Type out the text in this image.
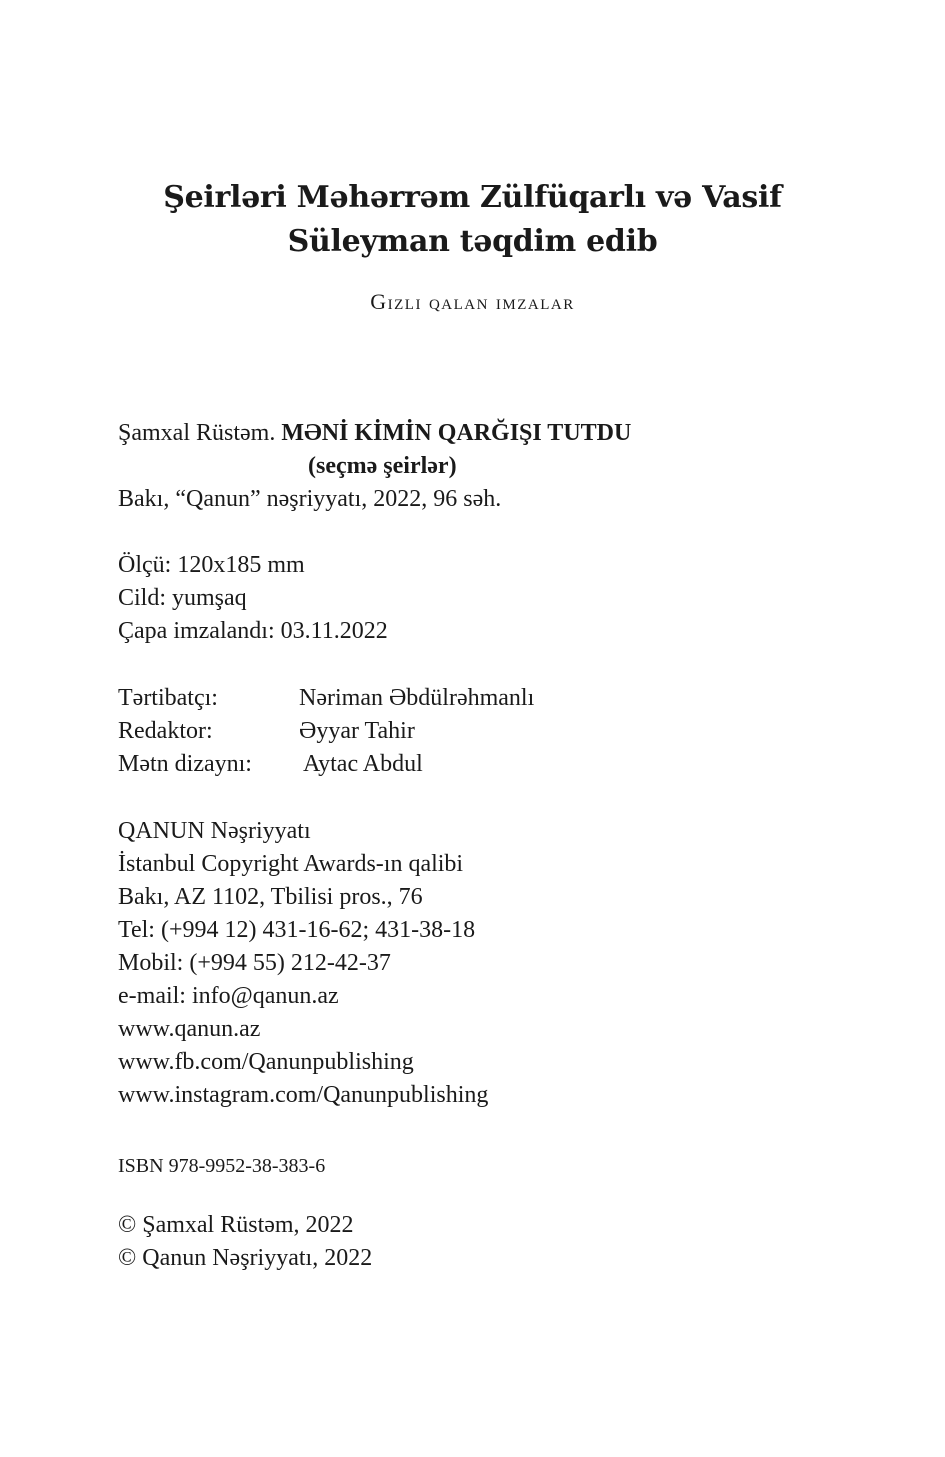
Şeirləri Məhərrəm Zülfüqarlı və Vasif
Süleyman təqdim edib
Gizli qalan imzalar
Şamxal Rüstəm. MƏNİ KİMİN QARĞIŞI TUTDU
(seçmə şeirlər)
Bakı, “Qanun” nəşriyyatı, 2022, 96 səh.
Ölçü: 120x185 mm
Cild: yumşaq
Çapa imzalandı: 03.11.2022
Tərtibatçı:	Nəriman Əbdülrəhmanlı
Redaktor:	Əyyar Tahir
Mətn dizaynı: Aytac Abdul
QANUN Nəşriyyatı
İstanbul Copyright Awards-ın qalibi
Bakı, AZ 1102, Tbilisi pros., 76
Tel: (+994 12) 431-16-62; 431-38-18
Mobil: (+994 55) 212-42-37
e-mail: info@qanun.az
www.qanun.az
www.fb.com/Qanunpublishing
www.instagram.com/Qanunpublishing
ISBN 978-9952-38-383-6
© Şamxal Rüstəm, 2022
© Qanun Nəşriyyatı, 2022
